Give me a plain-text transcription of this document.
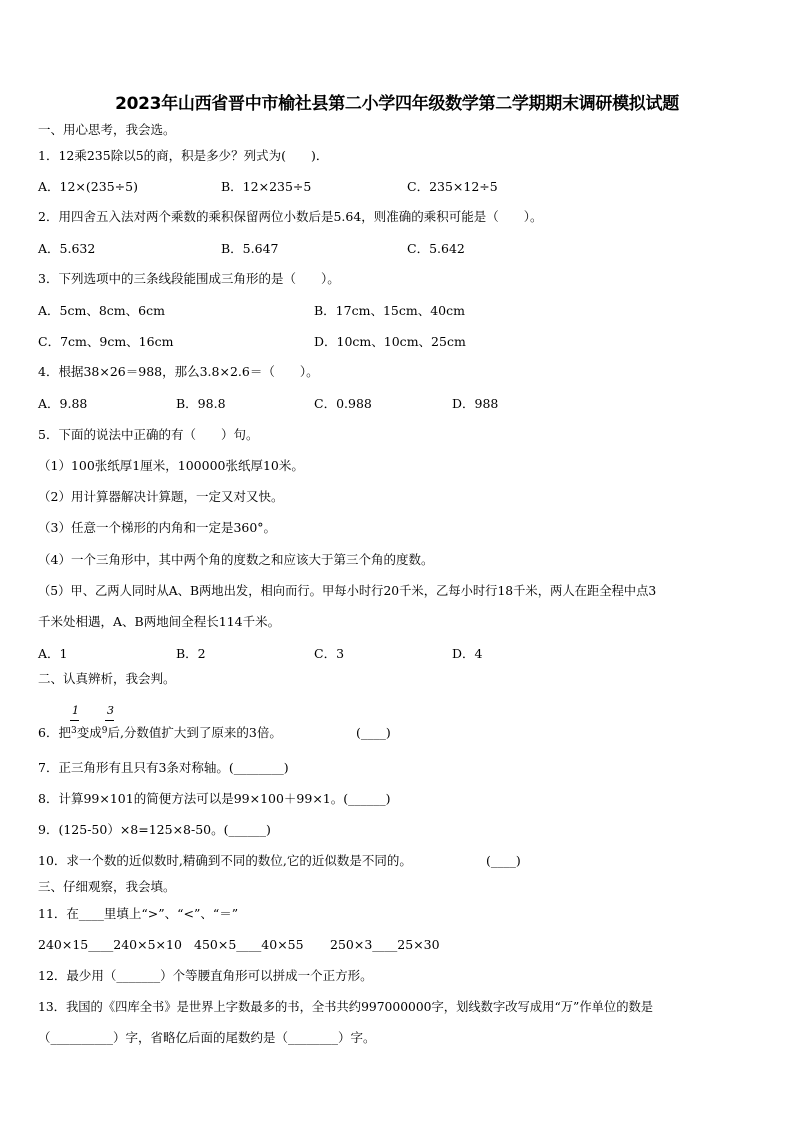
2023年山西省晋中市榆社县第二小学四年级数学第二学期期末调研模拟试题
一、用心思考，我会选。
1．12乘235除以5的商，积是多少？列式为(　　)．
A．12×(235÷5)	B．12×235÷5	C．235×12÷5
2．用四舍五入法对两个乘数的乘积保留两位小数后是5.64，则准确的乘积可能是（　　）。
A．5.632	B．5.647	C．5.642
3．下列选项中的三条线段能围成三角形的是（　　）。
A．5cm、8cm、6cm	B．17cm、15cm、40cm
C．7cm、9cm、16cm	D．10cm、10cm、25cm
4．根据38×26＝988，那么3.8×2.6＝（　　）。
A．9.88	B．98.8	C．0.988	D．988
5．下面的说法中正确的有（　　）句。
（1）100张纸厚1厘米，100000张纸厚10米。
（2）用计算器解决计算题，一定又对又快。
（3）任意一个梯形的内角和一定是360°。
（4）一个三角形中，其中两个角的度数之和应该大于第三个角的度数。
（5）甲、乙两人同时从A、B两地出发，相向而行。甲每小时行20千米，乙每小时行18千米，两人在距全程中点3
千米处相遇，A、B两地间全程长114千米。
A．1	B．2	C．3	D．4
二、认真辨析，我会判。
1	3
6．把$^3$变成$^9$后,分数值扩大到了原来的3倍。	(____)
7．正三角形有且只有3条对称轴。(________)
8．计算99×101的简便方法可以是99×100＋99×1。(______)
9．(125-50）×8=125×8-50。(______)
10．求一个数的近似数时,精确到不同的数位,它的近似数是不同的。	(____)
三、仔细观察，我会填。
11．在____里填上“>”、“<”、“＝”
240×15____240×5×10 450×5____40×55 250×3____25×30
12．最少用（_______）个等腰直角形可以拼成一个正方形。
13．我国的《四库全书》是世界上字数最多的书，全书共约997000000字，划线数字改写成用“万”作单位的数是
（__________）字，省略亿后面的尾数约是（________）字。
